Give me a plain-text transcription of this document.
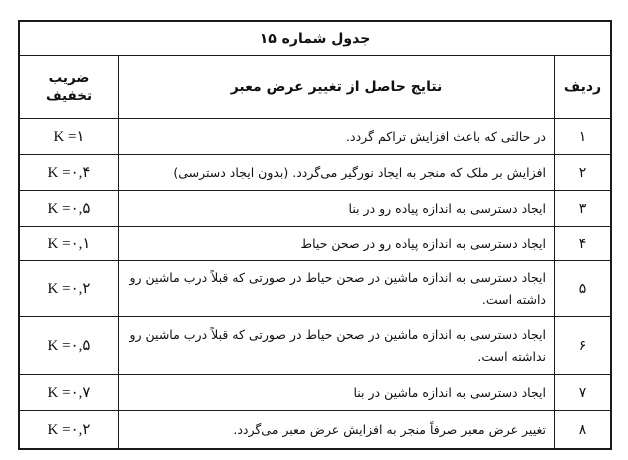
جدول شماره ۱۵
ردیف
نتایج حاصل از تغییر عرض معبر
ضریب تخفیف
۱
در حالتی که باعث افزایش تراکم گردد.
K =۱
۲
افزایش بر ملک که منجر به ایجاد نورگیر می‌گردد. (بدون ایجاد دسترسی)
K =۰,۴
۳
ایجاد دسترسی به اندازه پیاده رو در بنا
K =۰,۵
۴
ایجاد دسترسی به اندازه پیاده رو در صحن حیاط
K =۰,۱
۵
ایجاد دسترسی به اندازه ماشین در صحن حیاط در صورتی که قبلاً درب ماشین رو داشته است.
K =۰,۲
۶
ایجاد دسترسی به اندازه ماشین در صحن حیاط در صورتی که قبلاً درب ماشین رو نداشته است.
K =۰,۵
۷
ایجاد دسترسی به اندازه ماشین در بنا
K =۰,۷
۸
تغییر عرض معبر صرفاً منجر به افزایش عرض معبر می‌گردد.
K =۰,۲
